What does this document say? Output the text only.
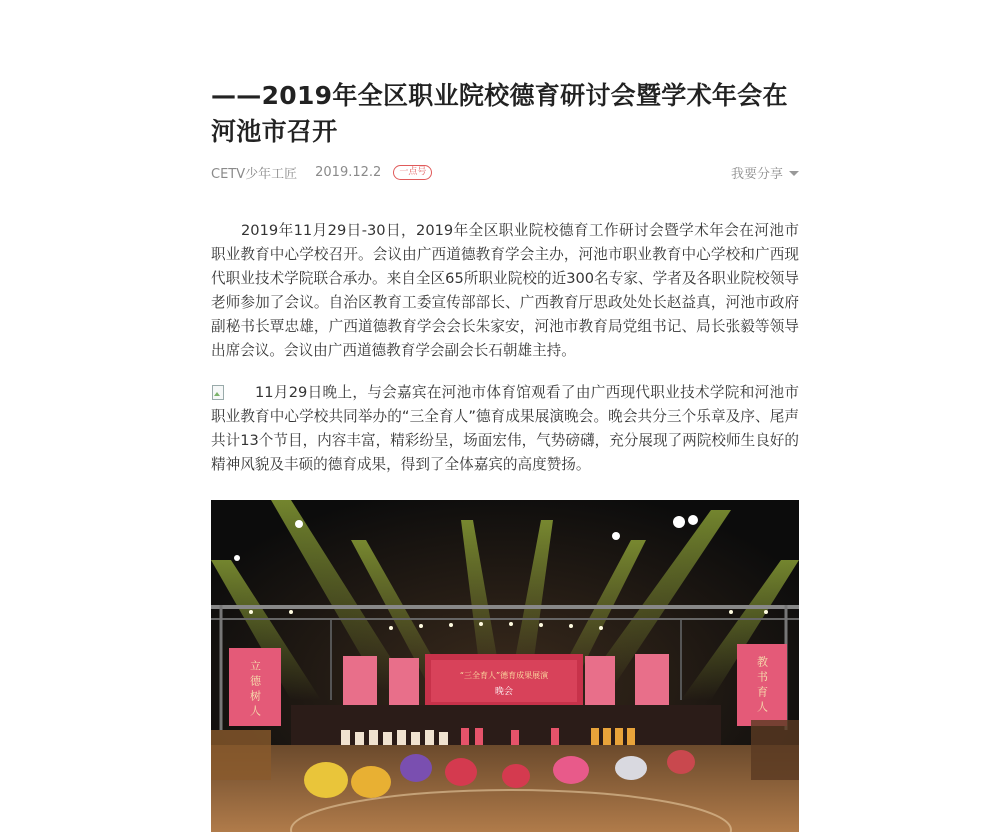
——2019年全区职业院校德育研讨会暨学术年会在河池市召开
CETV少年工匠 2019.12.2	一点号	我要分享

2019年11月29日-30日，2019年全区职业院校德育工作研讨会暨学术年会在河池市职业教育中心学校召开。会议由广西道德教育学会主办，河池市职业教育中心学校和广西现代职业技术学院联合承办。来自全区65所职业院校的近300名专家、学者及各职业院校领导老师参加了会议。自治区教育工委宣传部部长、广西教育厅思政处处长赵益真，河池市政府副秘书长覃忠雄，广西道德教育学会会长朱家安，河池市教育局党组书记、局长张毅等领导出席会议。会议由广西道德教育学会副会长石朝雄主持。

11月29日晚上，与会嘉宾在河池市体育馆观看了由广西现代职业技术学院和河池市职业教育中心学校共同举办的“三全育人”德育成果展演晚会。晚会共分三个乐章及序、尾声共计13个节目，内容丰富，精彩纷呈，场面宏伟，气势磅礴，充分展现了两院校师生良好的精神风貌及丰硕的德育成果，得到了全体嘉宾的高度赞扬。

立德树人	教书育人
“三全育人”德育成果展演
晚会
